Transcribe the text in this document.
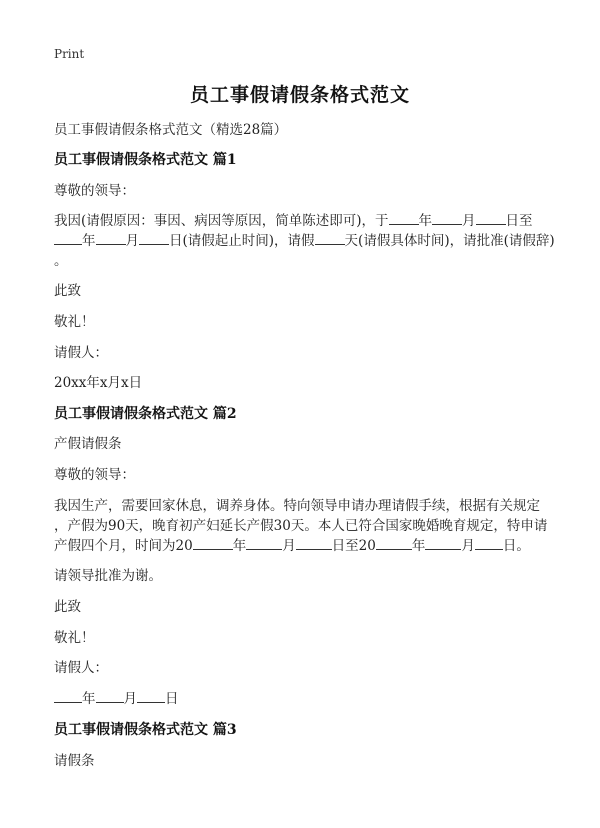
Print
员工事假请假条格式范文
员工事假请假条格式范文（精选28篇）
员工事假请假条格式范文 篇1
尊敬的领导：
我因(请假原因：事因、病因等原因，简单陈述即可)，于 年 月 日至
年 月 日(请假起止时间)，请假 天(请假具体时间)，请批准(请假辞)
。
此致
敬礼！
请假人：
20xx年x月x日
员工事假请假条格式范文 篇2
产假请假条
尊敬的领导：
我因生产，需要回家休息，调养身体。特向领导申请办理请假手续，根据有关规定
，产假为90天，晚育初产妇延长产假30天。本人已符合国家晚婚晚育规定，特申请
产假四个月，时间为20	年	月	日至20	年	月 日。
请领导批准为谢。
此致
敬礼！
请假人：
年 月 日
员工事假请假条格式范文 篇3
请假条
